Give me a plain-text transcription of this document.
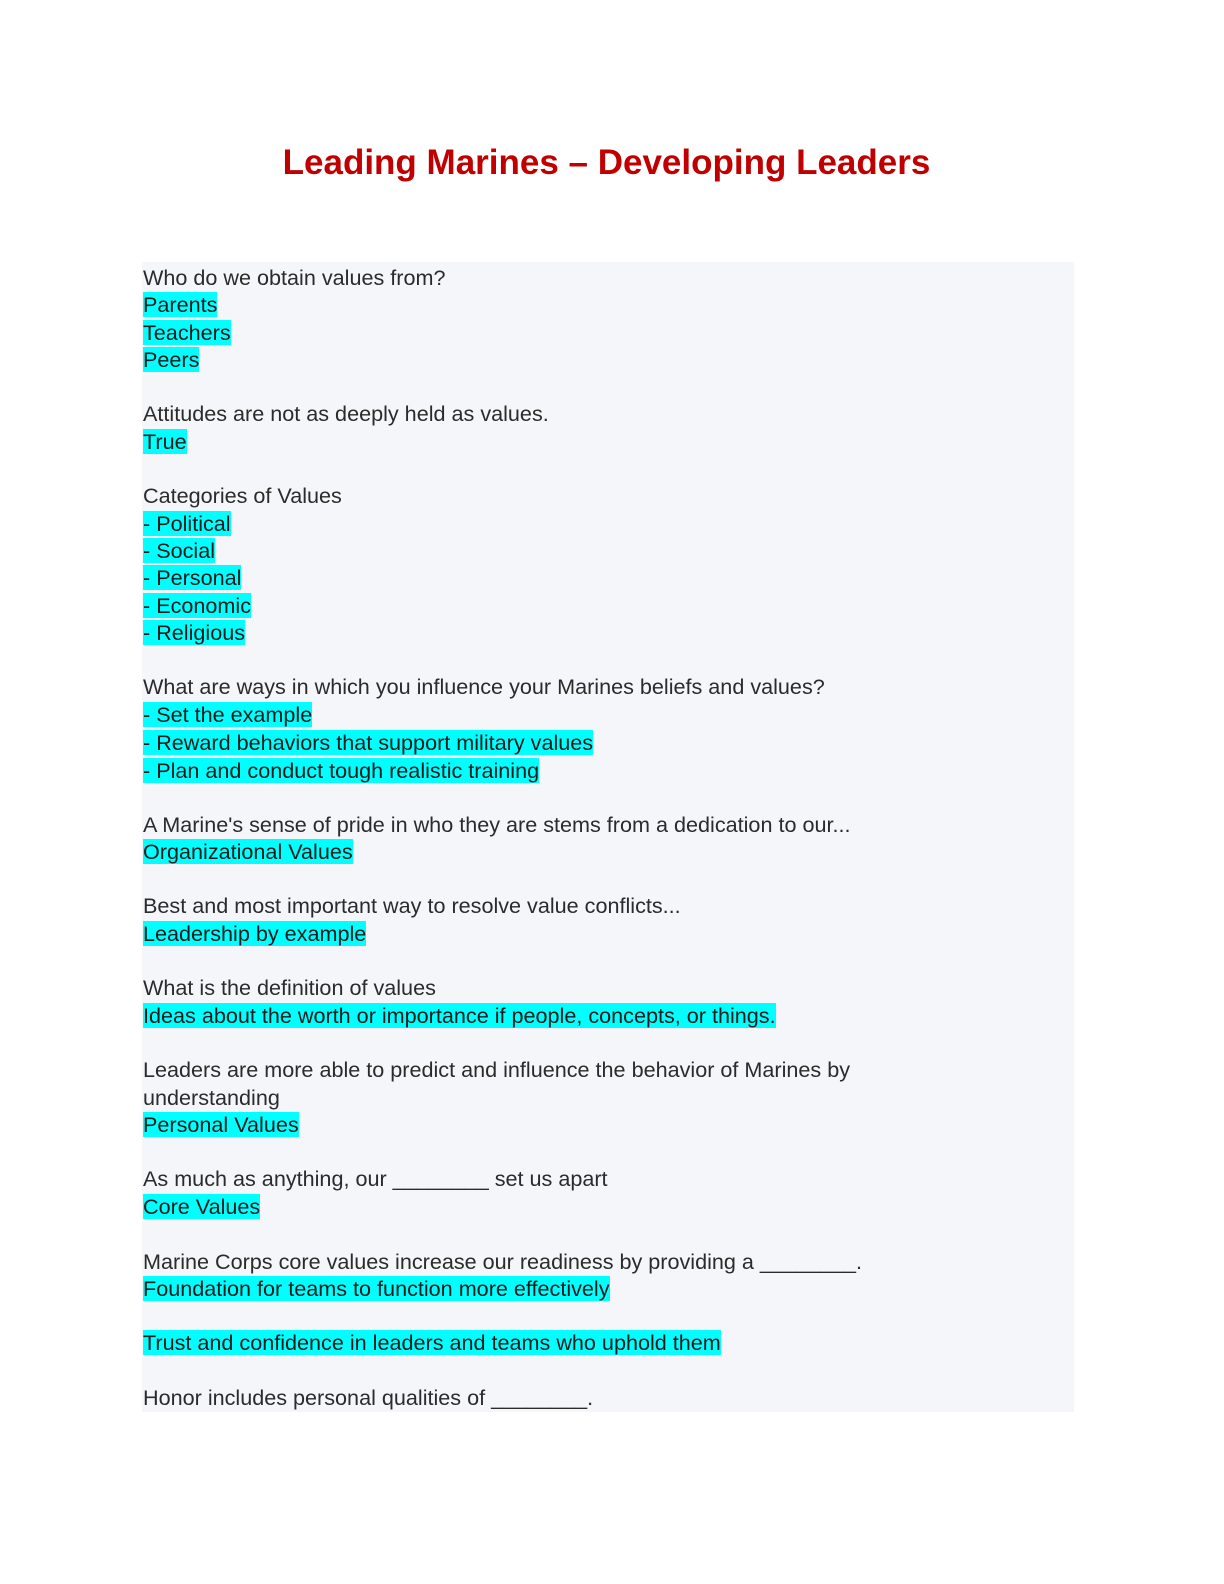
Leading Marines – Developing Leaders
Who do we obtain values from?
Parents
Teachers
Peers
Attitudes are not as deeply held as values.
True
Categories of Values
- Political
- Social
- Personal
- Economic
- Religious
What are ways in which you influence your Marines beliefs and values?
- Set the example
- Reward behaviors that support military values
- Plan and conduct tough realistic training
A Marine's sense of pride in who they are stems from a dedication to our...
Organizational Values
Best and most important way to resolve value conflicts...
Leadership by example
What is the definition of values
Ideas about the worth or importance if people, concepts, or things.
Leaders are more able to predict and influence the behavior of Marines by
understanding
Personal Values
As much as anything, our ________ set us apart
Core Values
Marine Corps core values increase our readiness by providing a ________.
Foundation for teams to function more effectively
Trust and confidence in leaders and teams who uphold them
Honor includes personal qualities of ________.
